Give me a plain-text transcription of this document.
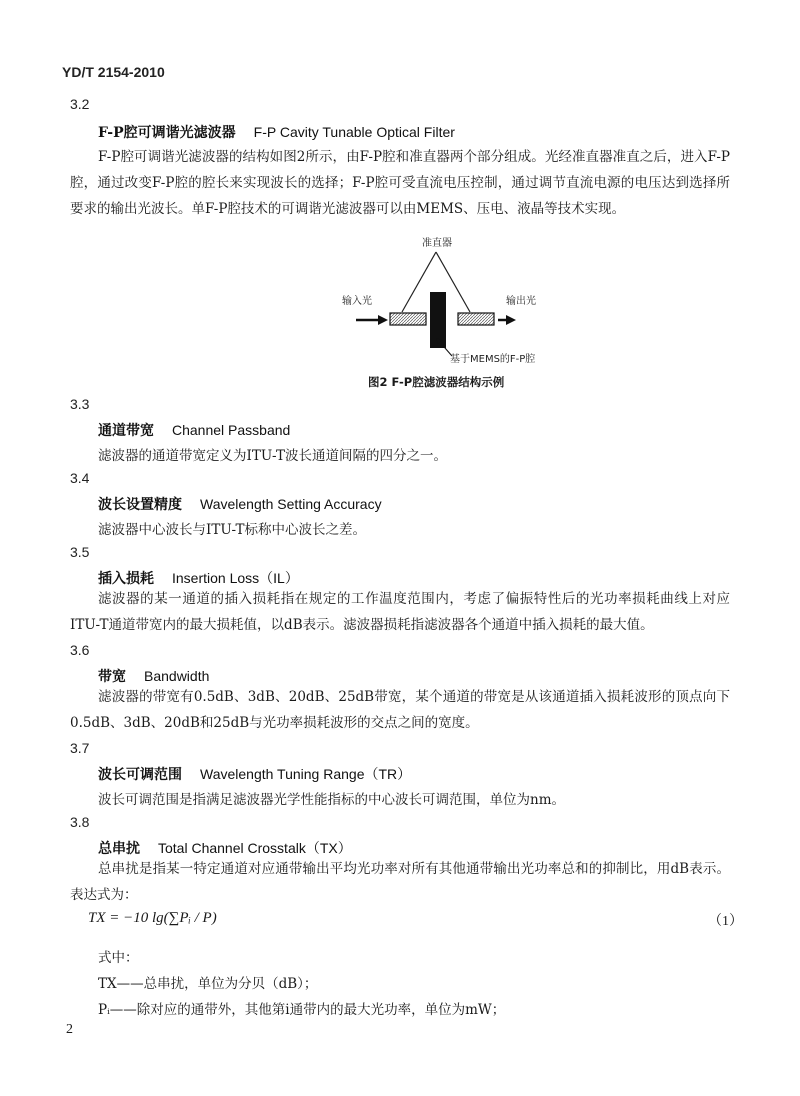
YD/T 2154-2010
3.2
F-P腔可调谐光滤波器 F-P Cavity Tunable Optical Filter
F-P腔可调谐光滤波器的结构如图2所示，由F-P腔和准直器两个部分组成。光经准直器准直之后，进入F-P腔，通过改变F-P腔的腔长来实现波长的选择；F-P腔可受直流电压控制，通过调节直流电源的电压达到选择所要求的输出光波长。单F-P腔技术的可调谐光滤波器可以由MEMS、压电、液晶等技术实现。
准直器
输入光	输出光
基于MEMS的F-P腔
图2 F-P腔滤波器结构示例
3.3
通道带宽 Channel Passband
滤波器的通道带宽定义为ITU-T波长通道间隔的四分之一。
3.4
波长设置精度 Wavelength Setting Accuracy
滤波器中心波长与ITU-T标称中心波长之差。
3.5
插入损耗 Insertion Loss（IL）
滤波器的某一通道的插入损耗指在规定的工作温度范围内，考虑了偏振特性后的光功率损耗曲线上对应ITU-T通道带宽内的最大损耗值，以dB表示。滤波器损耗指滤波器各个通道中插入损耗的最大值。
3.6
带宽 Bandwidth
滤波器的带宽有0.5dB、3dB、20dB、25dB带宽，某个通道的带宽是从该通道插入损耗波形的顶点向下0.5dB、3dB、20dB和25dB与光功率损耗波形的交点之间的宽度。
3.7
波长可调范围 Wavelength Tuning Range（TR）
波长可调范围是指满足滤波器光学性能指标的中心波长可调范围，单位为nm。
3.8
总串扰 Total Channel Crosstalk（TX）
总串扰是指某一特定通道对应通带输出平均光功率对所有其他通带输出光功率总和的抑制比，用dB表示。表达式为：
TX = −10 lg(∑Pᵢ / P)	（1）
式中：
TX——总串扰，单位为分贝（dB）；
Pᵢ——除对应的通带外，其他第i通带内的最大光功率，单位为mW；
2
